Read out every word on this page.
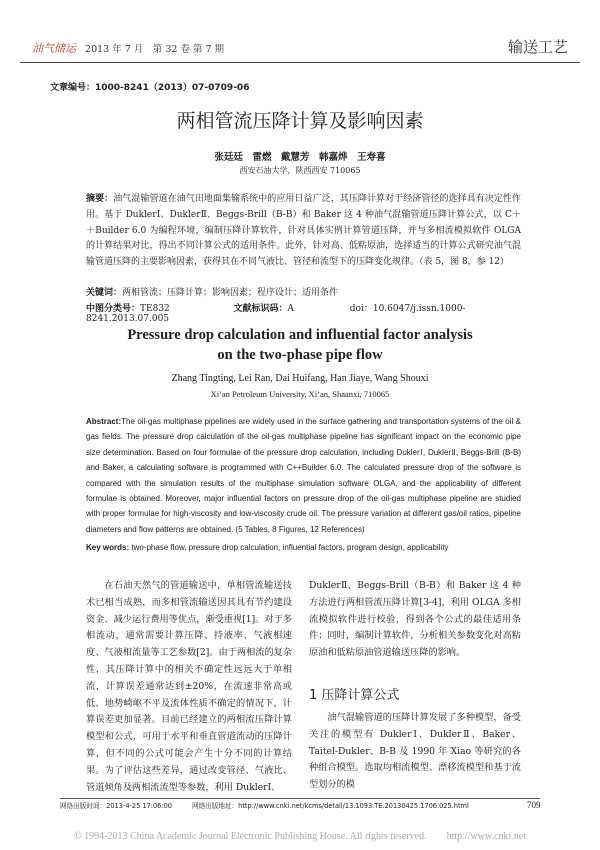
油气储运 2013 年 7 月　第 32 卷 第 7 期	输送工艺
文章编号：1000-8241（2013）07-0709-06
两相管流压降计算及影响因素
张廷廷　雷燃　戴慧芳　韩嘉烨　王寿喜
西安石油大学，陕西西安 710065
摘要：油气混输管道在油气田地面集输系统中的应用日益广泛，其压降计算对于经济管径的选择具有决定性作用。基于 DuklerⅠ、DuklerⅡ、Beggs-Brill（B-B）和 Baker 这 4 种油气混输管道压降计算公式，以 C＋＋Builder 6.0 为编程环境，编制压降计算软件，针对具体实例计算管道压降，并与多相流模拟软件 OLGA 的计算结果对比，得出不同计算公式的适用条件。此外，针对高、低粘原油，选择适当的计算公式研究油气混输管道压降的主要影响因素，获得其在不同气液比、管径和流型下的压降变化规律。（表 5，图 8，参 12）
关键词：两相管流；压降计算；影响因素；程序设计；适用条件
中图分类号：TE832	文献标识码：A	doi：10.6047/j.issn.1000-8241.2013.07.005
Pressure drop calculation and influential factor analysis
on the two-phase pipe flow
Zhang Tingting, Lei Ran, Dai Huifang, Han Jiaye, Wang Shouxi
Xi’an Petroleum University, Xi’an, Shaanxi, 710065
Abstract:The oil-gas multiphase pipelines are widely used in the surface gathering and transportation systems of the oil & gas fields. The pressure drop calculation of the oil-gas multiphase pipeline has significant impact on the economic pipe size determination. Based on four formulae of the pressure drop calculation, including DuklerⅠ, DuklerⅡ, Beggs-Brill (B-B) and Baker, a calculating software is programmed with C++Builder 6.0. The calculated pressure drop of the software is compared with the simulation results of the multiphase simulation software OLGA, and the applicability of different formulae is obtained. Moreover, major influential factors on pressure drop of the oil-gas multiphase pipeline are studied with proper formulae for high-viscosity and low-viscosity crude oil. The pressure variation at different gas/oil ratios, pipeline diameters and flow patterns are obtained. (5 Tables, 8 Figures, 12 References)
Key words: two-phase flow, pressure drop calculation, influential factors, program design, applicability
在石油天然气的管道输送中，单相管流输送技术已相当成熟，而多相管流输送因其具有节约建设资金、减少运行费用等优点，渐受重视[1]。对于多相流动，通常需要计算压降、持液率、气液相速度、气液相流量等工艺参数[2]。由于两相流的复杂性，其压降计算中的相关不确定性远远大于单相流，计算误差通常达到±20%，在流速非常高或低、地势崎岖不平及流体性质不确定的情况下，计算误差更加显著。目前已经建立的两相流压降计算模型和公式，可用于水平和垂直管道流动的压降计算，但不同的公式可能会产生十分不同的计算结果。为了评估这些差异，通过改变管径、气液比、管道倾角及两相流流型等参数，利用 DuklerⅠ、
DuklerⅡ、Beggs-Brill（B-B）和 Baker 这 4 种方法进行两相管流压降计算[3-4]，利用 OLGA 多相流模拟软件进行校验，得到各个公式的最佳适用条件；同时，编制计算软件，分析相关参数变化对高粘原油和低粘原油管道输送压降的影响。
1 压降计算公式
油气混输管道的压降计算发展了多种模型，备受关注的模型有 DuklerⅠ、DuklerⅡ、Baker、Taitel-Dukler、B-B 及 1990 年 Xiao 等研究的各种组合模型。选取均相流模型、漂移流模型和基于流型划分的模
网络出版时间：2013-4-25 17:06:00	网络出版地址：http://www.cnki.net/kcms/detail/13.1093.TE.20130425.1706.025.html	709
© 1994-2013 China Academic Journal Electronic Publishing House. All rights reserved.　　http://www.cnki.net
